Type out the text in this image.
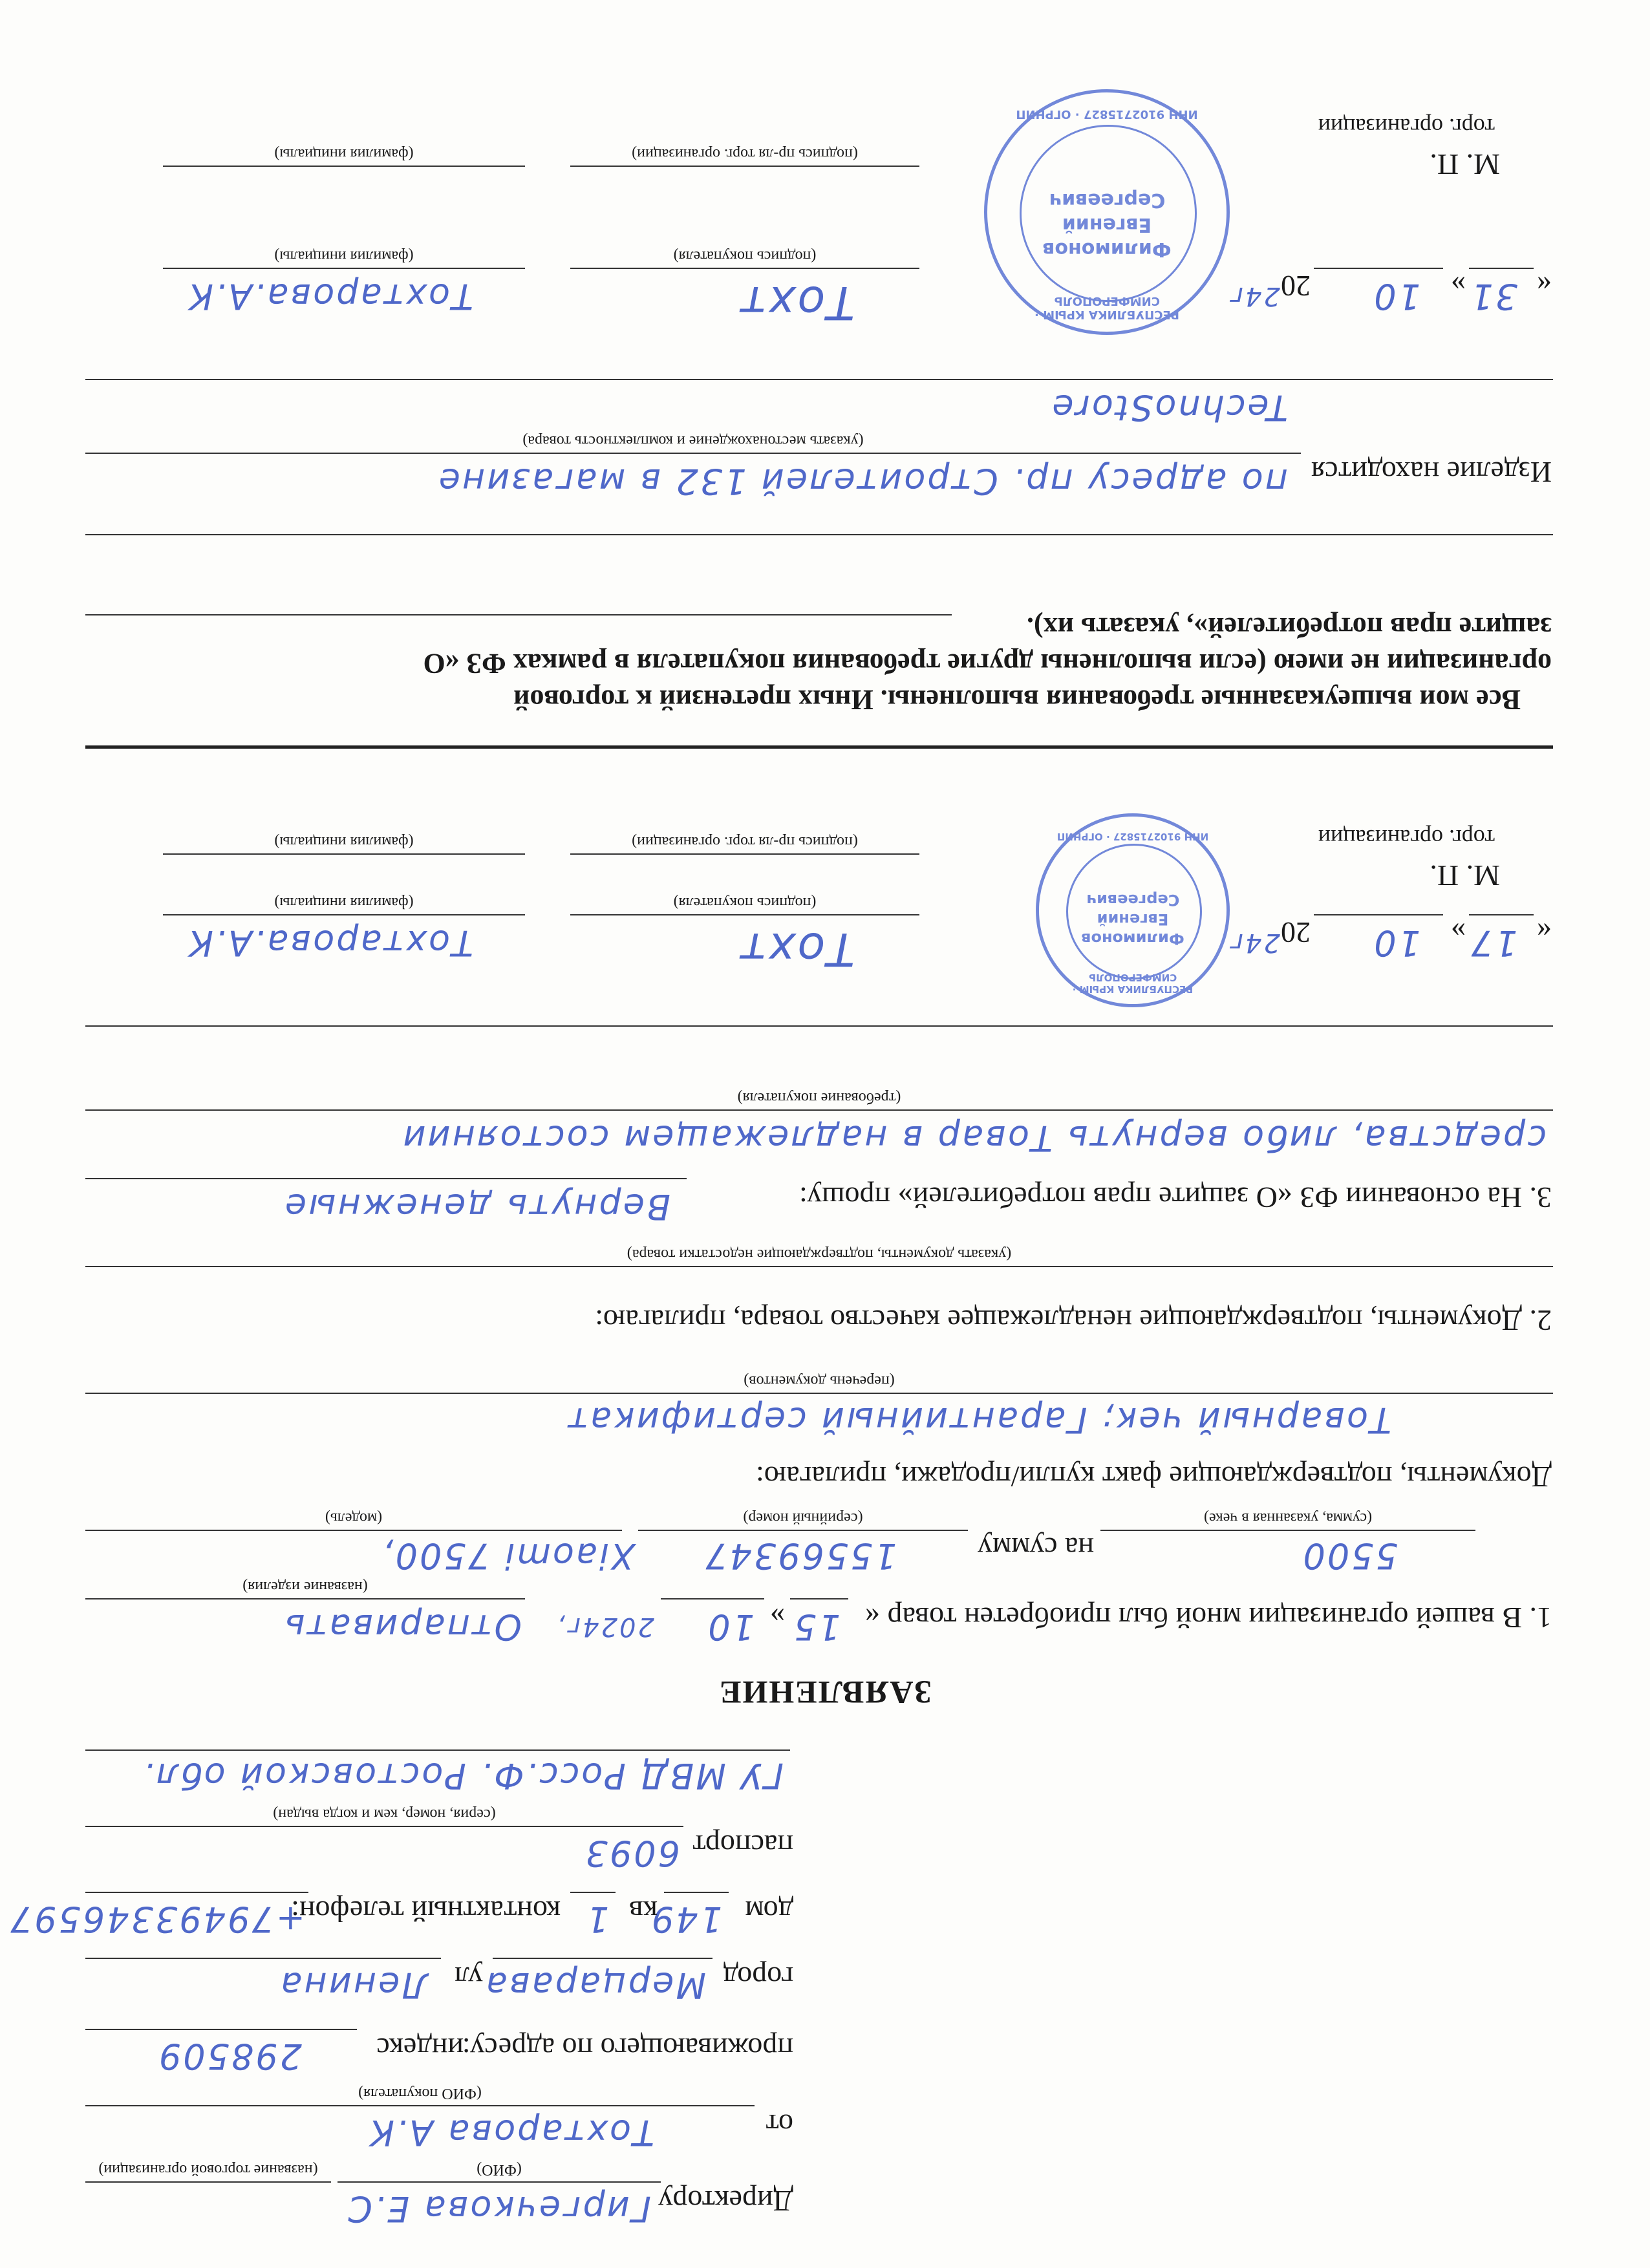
Директору
Гиргечкова Е.С
(ФИО)
(название торговой организации)
от
Тохтарова А.К
(ФИО покупателя)
проживающего по адресу:
индекс
298509
город
Мерцарава
ул
Ленина
дом
149
кв
1
контактный телефон:
+79493346597
паспорт
6093
(серия, номер, кем и когда выдан)
ГУ МВД Росс.Ф. Ростовской обл.
ЗАЯВЛЕНИЕ
1. В вашей организации мной был приобретен товар «
15
»
10
2024г,
Отпаривать
(название изделия)
Xiaomi 7500, 15569347	на сумму	5500
(модель)	(серийный номер)	(сумма, указанная в чеке)
Документы, подтверждающие факт купли/продажи, прилагаю:
Товарный чек; Гарантийный сертификат
(перечень документов)
2. Документы, подтверждающие ненадлежащее качество товара, прилагаю:
(указать документы, подтверждающие недостатки товара)
3. На основании ФЗ «О защите прав потребителей» прошу:
Вернуть денежные
средства, либо вернуть Товар в надлежащем состоянии
(требование покупателя)
«
17
»
10
20
24г
Тохт
(подпись покупателя)
Тохтарова.А.К
(фамилия инициалы)
М. П.
торг. организации
(подпись пр-ля торг. организации)
(фамилия инициалы)
РЕСПУБЛИКА КРЫМ · СИМФЕРОПОЛЬ
Филимонов
Евгений
Сергеевич
ИНН 9102715827 · ОГРНИП
Все мои вышеуказанные требования выполнены. Иных претензий к торговой
организации не имею (если выполнены другие требования покупателя в рамках ФЗ «О
защите прав потребителей», указать их).
Изделие находится
по адресу пр. Строителей 132 в магазине
(указать местонахождение и комплектность товара)
TechnoStore
«
31
»
10
20
24г
Тохт
(подпись покупателя)
Тохтарова.А.К
(фамилия инициалы)
М. П.
торг. организации
(подпись пр-ля торг. организации)
(фамилия инициалы)
РЕСПУБЛИКА КРЫМ · СИМФЕРОПОЛЬ
Филимонов
Евгений
Сергеевич
ИНН 9102715827 · ОГРНИП
